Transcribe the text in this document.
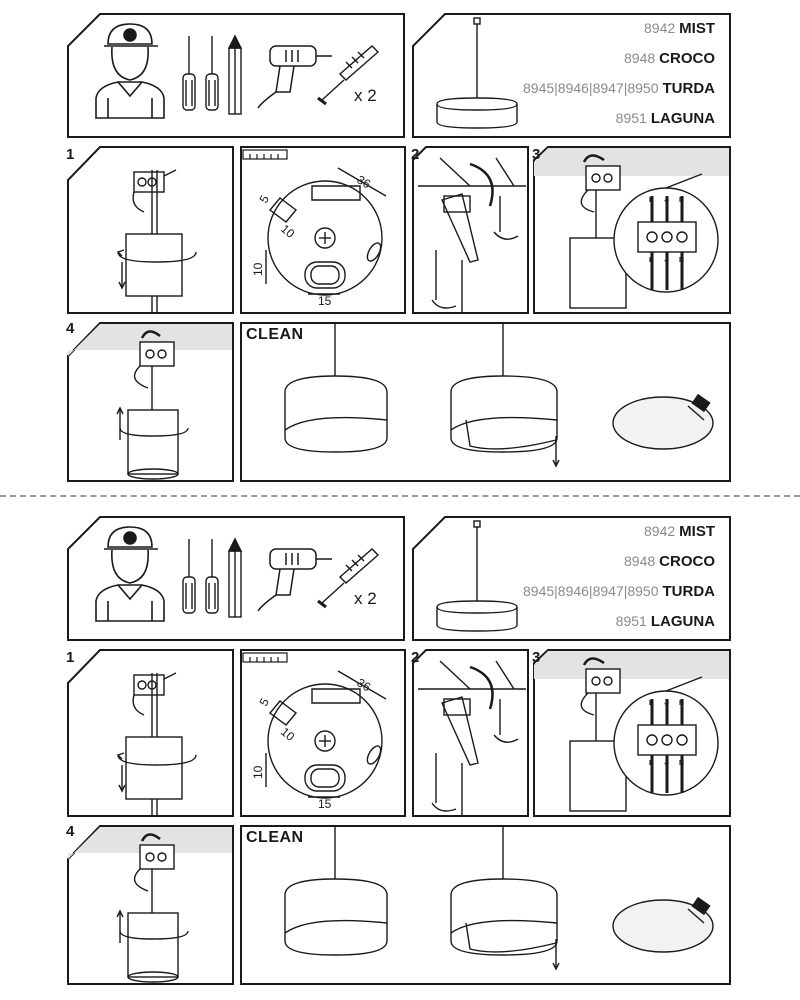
x 2
8942 MIST
8948 CROCO
8945|8946|8947|8950 TURDA
8951 LAGUNA
1	2	3
4	CLEAN
36
5
10
10
15
L ⏚ N
L ⏚ N
x 2
8942 MIST
8948 CROCO
8945|8946|8947|8950 TURDA
8951 LAGUNA
1	2	3
4	CLEAN
36
5
10
10
15
L ⏚ N
L ⏚ N
